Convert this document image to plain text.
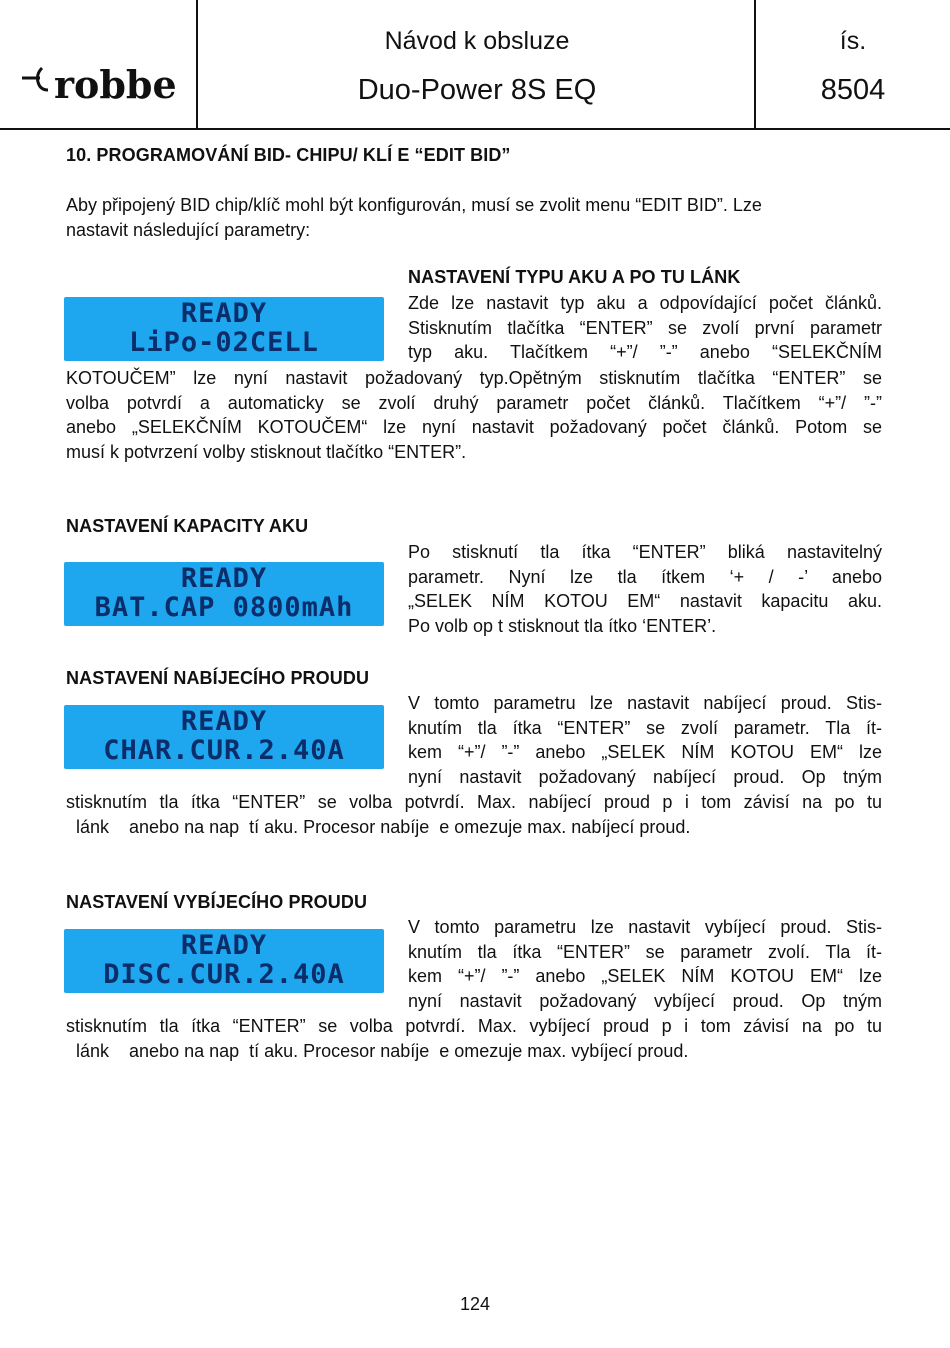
robbe
Návod k obsluze
Duo-Power 8S EQ
ís.
8504
10. PROGRAMOVÁNÍ BID- CHIPU/ KLÍ E “EDIT BID”
Aby připojený BID chip/klíč mohl být konfigurován, musí se zvolit menu “EDIT BID”. Lze
nastavit následující parametry:
NASTAVENÍ TYPU AKU A PO TU LÁNK
READY
LiPo-02CELL
Zde lze nastavit typ aku a odpovídající počet článků.
Stisknutím tlačítka “ENTER” se zvolí první parametr
typ aku. Tlačítkem “+”/ ”-” anebo “SELEKČNÍM
KOTOUČEM” lze nyní nastavit požadovaný typ.Opětným stisknutím tlačítka “ENTER” se
volba potvrdí a automaticky se zvolí druhý parametr počet článků. Tlačítkem “+”/ ”-”
anebo „SELEKČNÍM KOTOUČEM“ lze nyní nastavit požadovaný počet článků. Potom se
musí k potvrzení volby stisknout tlačítko “ENTER”.
NASTAVENÍ KAPACITY AKU
READY
BAT.CAP 0800mAh
Po stisknutí tla ítka “ENTER” bliká nastavitelný
parametr. Nyní lze tla ítkem ‘+ / -’ anebo
„SELEK NÍM KOTOU EM“ nastavit kapacitu aku.
Po volb op t stisknout tla ítko ‘ENTER’.
NASTAVENÍ NABÍJECÍHO PROUDU
READY
CHAR.CUR.2.40A
V tomto parametru lze nastavit nabíjecí proud. Stis-
knutím tla ítka “ENTER” se zvolí parametr. Tla ít-
kem “+”/ ”-” anebo „SELEK NÍM KOTOU EM“ lze
nyní nastavit požadovaný nabíjecí proud. Op tným
stisknutím tla ítka “ENTER” se volba potvrdí. Max. nabíjecí proud p i tom závisí na po tu
lánk    anebo na nap  tí aku. Procesor nabíje  e omezuje max. nabíjecí proud.
NASTAVENÍ VYBÍJECÍHO PROUDU
READY
DISC.CUR.2.40A
V tomto parametru lze nastavit vybíjecí proud. Stis-
knutím tla ítka “ENTER” se parametr zvolí. Tla ít-
kem “+”/ ”-” anebo „SELEK NÍM KOTOU EM“ lze
nyní nastavit požadovaný vybíjecí proud. Op tným
stisknutím tla ítka “ENTER” se volba potvrdí. Max. vybíjecí proud p i tom závisí na po tu
lánk    anebo na nap  tí aku. Procesor nabíje  e omezuje max. vybíjecí proud.
124
